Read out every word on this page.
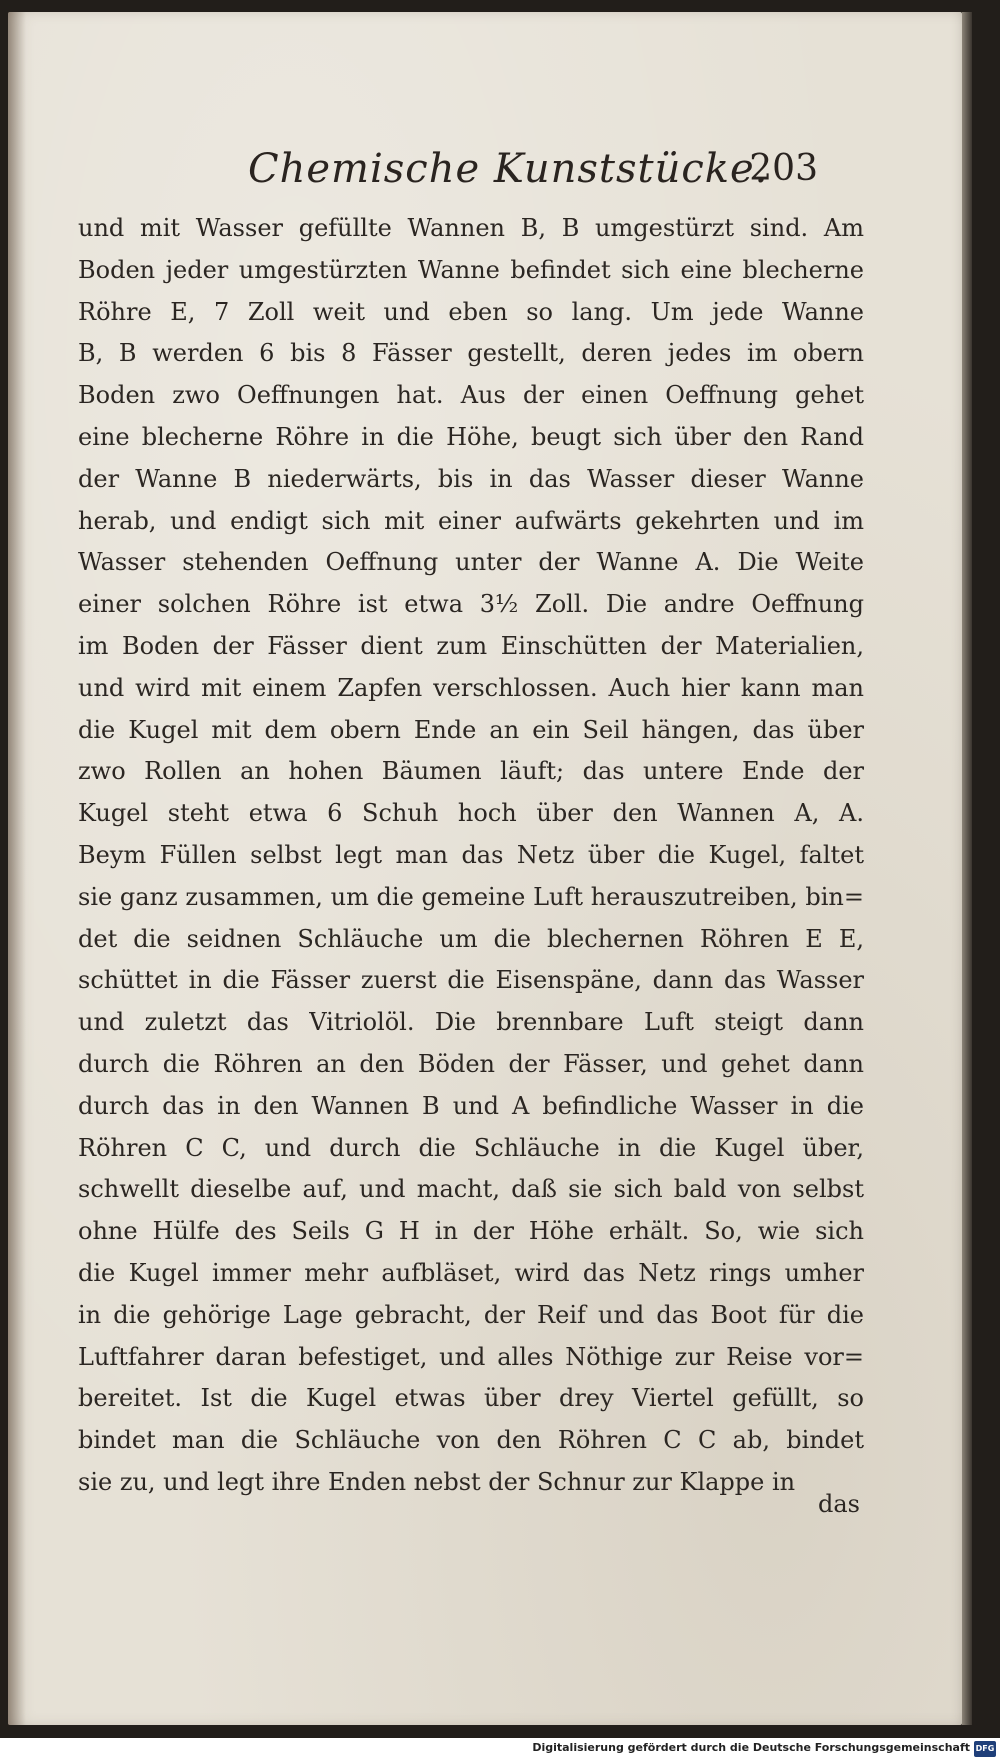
Chemische Kunststücke.
203
und mit Wasser gefüllte Wannen B, B umgestürzt sind. Am
Boden jeder umgestürzten Wanne befindet sich eine blecherne
Röhre E, 7 Zoll weit und eben so lang. Um jede Wanne
B, B werden 6 bis 8 Fässer gestellt, deren jedes im obern
Boden zwo Oeffnungen hat. Aus der einen Oeffnung gehet
eine blecherne Röhre in die Höhe, beugt sich über den Rand
der Wanne B niederwärts, bis in das Wasser dieser Wanne
herab, und endigt sich mit einer aufwärts gekehrten und im
Wasser stehenden Oeffnung unter der Wanne A. Die Weite
einer solchen Röhre ist etwa 3½ Zoll. Die andre Oeffnung
im Boden der Fässer dient zum Einschütten der Materialien,
und wird mit einem Zapfen verschlossen. Auch hier kann man
die Kugel mit dem obern Ende an ein Seil hängen, das über
zwo Rollen an hohen Bäumen läuft; das untere Ende der
Kugel steht etwa 6 Schuh hoch über den Wannen A, A.
Beym Füllen selbst legt man das Netz über die Kugel, faltet
sie ganz zusammen, um die gemeine Luft herauszutreiben, bin=
det die seidnen Schläuche um die blechernen Röhren E E,
schüttet in die Fässer zuerst die Eisenspäne, dann das Wasser
und zuletzt das Vitriolöl. Die brennbare Luft steigt dann
durch die Röhren an den Böden der Fässer, und gehet dann
durch das in den Wannen B und A befindliche Wasser in die
Röhren C C, und durch die Schläuche in die Kugel über,
schwellt dieselbe auf, und macht, daß sie sich bald von selbst
ohne Hülfe des Seils G H in der Höhe erhält. So, wie sich
die Kugel immer mehr aufbläset, wird das Netz rings umher
in die gehörige Lage gebracht, der Reif und das Boot für die
Luftfahrer daran befestiget, und alles Nöthige zur Reise vor=
bereitet. Ist die Kugel etwas über drey Viertel gefüllt, so
bindet man die Schläuche von den Röhren C C ab, bindet
sie zu, und legt ihre Enden nebst der Schnur zur Klappe in
das
Digitalisierung gefördert durch die Deutsche Forschungsgemeinschaft DFG
